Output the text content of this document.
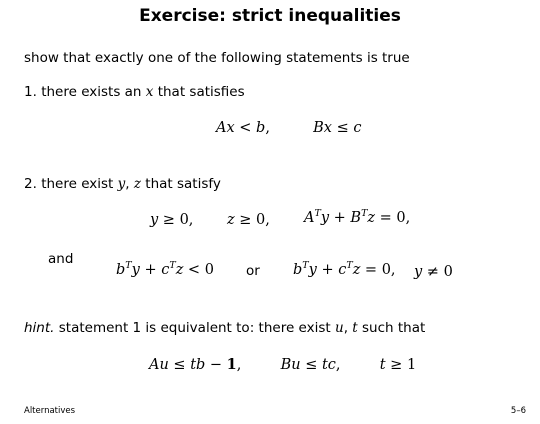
Exercise: strict inequalities
show that exactly one of the following statements is true
1. there exists an x that satisfies
Ax < b,	Bx ≤ c
2. there exist y, z that satisfy
y ≥ 0, z ≥ 0, $A^Ty + B^Tz = 0$,
and
$b^Ty + c^Tz < 0$ or $b^Ty + c^Tz = 0$, y ≠ 0
hint. statement 1 is equivalent to: there exist u, t such that
Au ≤ tb − 1,	Bu ≤ tc,	t ≥ 1
Alternatives	5–6
